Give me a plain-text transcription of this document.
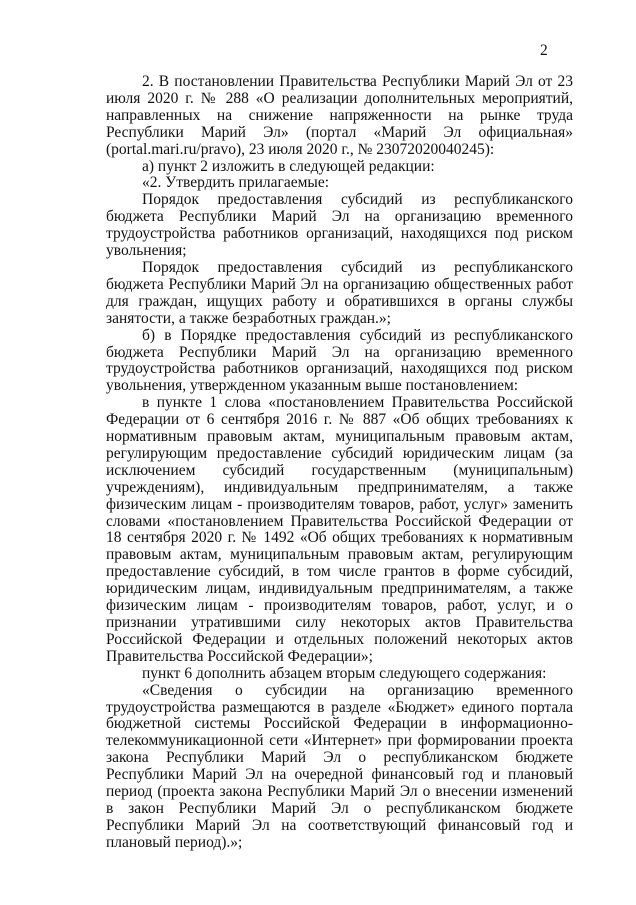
2

2. В постановлении Правительства Республики Марий Эл от 23 июля 2020 г. № 288 «О реализации дополнительных мероприятий, направленных на снижение напряженности на рынке труда Республики Марий Эл» (портал «Марий Эл официальная» (portal.mari.ru/pravo), 23 июля 2020 г., № 23072020040245):

а) пункт 2 изложить в следующей редакции:

«2. Утвердить прилагаемые:

Порядок предоставления субсидий из республиканского бюджета Республики Марий Эл на организацию временного трудоустройства работников организаций, находящихся под риском увольнения;

Порядок предоставления субсидий из республиканского бюджета Республики Марий Эл на организацию общественных работ для граждан, ищущих работу и обратившихся в органы службы занятости, а также безработных граждан.»;

б) в Порядке предоставления субсидий из республиканского бюджета Республики Марий Эл на организацию временного трудоустройства работников организаций, находящихся под риском увольнения, утвержденном указанным выше постановлением:

в пункте 1 слова «постановлением Правительства Российской Федерации от 6 сентября 2016 г. № 887 «Об общих требованиях к нормативным правовым актам, муниципальным правовым актам, регулирующим предоставление субсидий юридическим лицам (за исключением субсидий государственным (муниципальным) учреждениям), индивидуальным предпринимателям, а также физическим лицам - производителям товаров, работ, услуг» заменить словами «постановлением Правительства Российской Федерации от 18 сентября 2020 г. № 1492 «Об общих требованиях к нормативным правовым актам, муниципальным правовым актам, регулирующим предоставление субсидий, в том числе грантов в форме субсидий, юридическим лицам, индивидуальным предпринимателям, а также физическим лицам - производителям товаров, работ, услуг, и о признании утратившими силу некоторых актов Правительства Российской Федерации и отдельных положений некоторых актов Правительства Российской Федерации»;

пункт 6 дополнить абзацем вторым следующего содержания:

«Сведения о субсидии на организацию временного трудоустройства размещаются в разделе «Бюджет» единого портала бюджетной системы Российской Федерации в информационно-телекоммуникационной сети «Интернет» при формировании проекта закона Республики Марий Эл о республиканском бюджете Республики Марий Эл на очередной финансовый год и плановый период (проекта закона Республики Марий Эл о внесении изменений в закон Республики Марий Эл о республиканском бюджете Республики Марий Эл на соответствующий финансовый год и плановый период).»;
